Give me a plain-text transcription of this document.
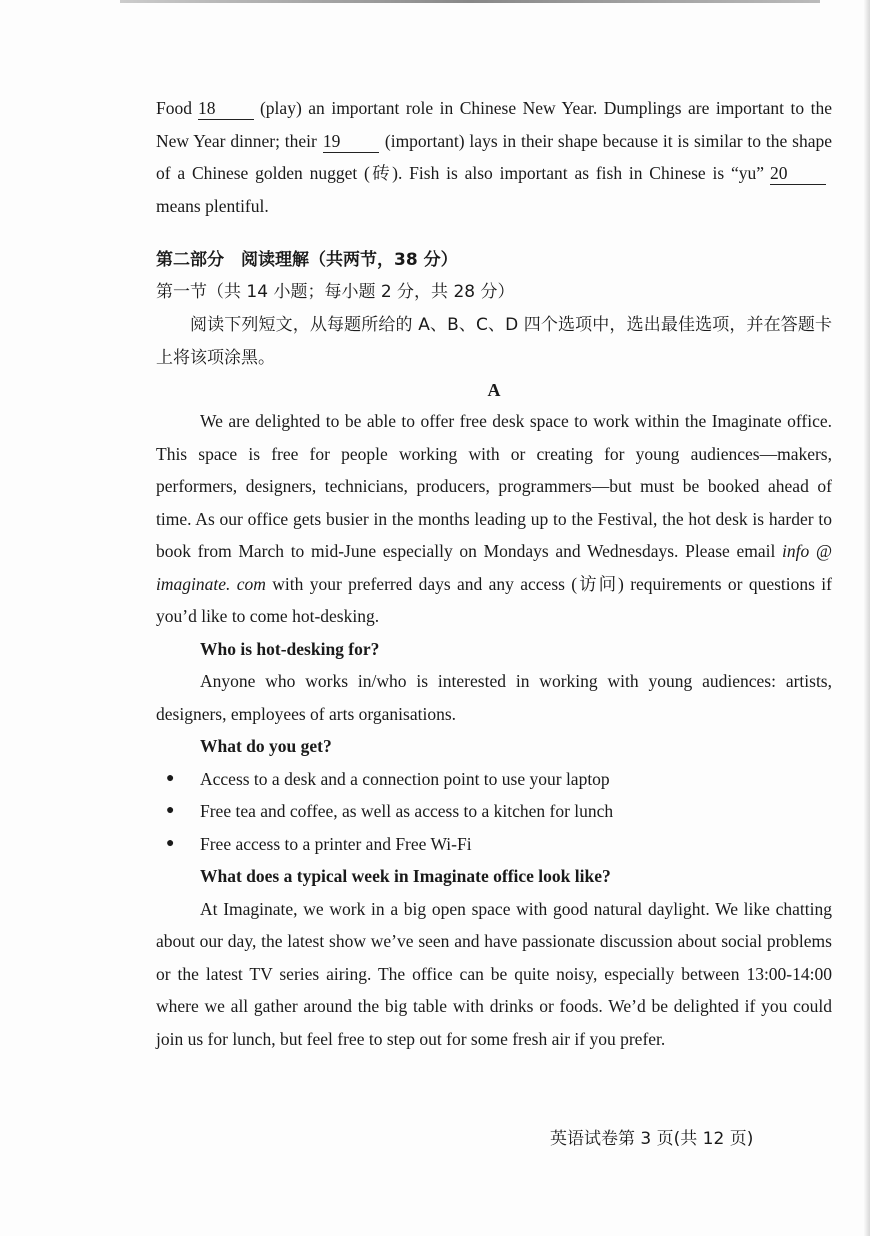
Food 18	(play) an important role in Chinese New Year. Dumplings are important to the New Year dinner; their 19	(important) lays in their shape because it is similar to the shape of a Chinese golden nugget (砖). Fish is also important as fish in Chinese is “yu” 20means plentiful.

第二部分　阅读理解（共两节，38 分）
第一节（共 14 小题；每小题 2 分，共 28 分）

阅读下列短文，从每题所给的 A、B、C、D 四个选项中，选出最佳选项，并在答题卡上将该项涂黑。

A

We are delighted to be able to offer free desk space to work within the Imaginate office. This space is free for people working with or creating for young audiences—makers, performers, designers, technicians, producers, programmers—but must be booked ahead of time. As our office gets busier in the months leading up to the Festival, the hot desk is harder to book from March to mid-June especially on Mondays and Wednesdays. Please email info @ imaginate. com with your preferred days and any access (访问) requirements or questions if you’d like to come hot-desking.

Who is hot-desking for?

Anyone who works in/who is interested in working with young audiences: artists, designers, employees of arts organisations.

What do you get?
● Access to a desk and a connection point to use your laptop
● Free tea and coffee, as well as access to a kitchen for lunch
● Free access to a printer and Free Wi-Fi
What does a typical week in Imaginate office look like?

At Imaginate, we work in a big open space with good natural daylight. We like chatting about our day, the latest show we’ve seen and have passionate discussion about social problems or the latest TV series airing. The office can be quite noisy, especially between 13:00-14:00 where we all gather around the big table with drinks or foods. We’d be delighted if you could join us for lunch, but feel free to step out for some fresh air if you prefer.

英语试卷第 3 页(共 12 页)
